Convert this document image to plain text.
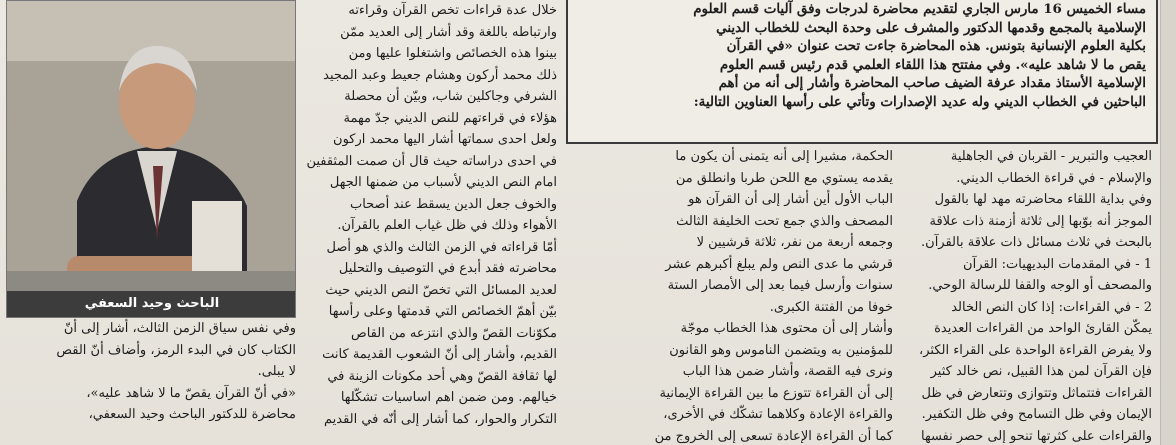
مساء الخميس 16 مارس الجاري لتقديم محاضرة لدرجات وفق آليات قسم العلوم

الإسلامية بالمجمع وقدمها الدكتور والمشرف على وحدة البحث للخطاب الديني

بكلية العلوم الإنسانية بتونس. هذه المحاضرة جاءت تحت عنوان «في القرآن

يقص ما لا شاهد عليه». وفي مفتتح هذا اللقاء العلمي قدم رئيس قسم العلوم

الإسلامية الأستاذ مقداد عرفة الضيف صاحب المحاضرة وأشار إلى أنه من أهم

الباحثين في الخطاب الديني وله عديد الإصدارات وتأتي على رأسها العناوين التالية:

العجيب والتبرير - القربان في الجاهلية

والإسلام - في قراءة الخطاب الديني.

وفي بداية اللقاء محاضرته مهد لها بالقول

الموجز أنه بوّبها إلى ثلاثة أزمنة ذات علاقة

بالبحث في ثلاث مسائل ذات علاقة بالقرآن.

1 - في المقدمات البديهيات: القرآن

والمصحف أو الوجه والقفا للرسالة الوحي.

2 - في القراءات: إذا كان النص الخالد

يمكّن القارئ الواحد من القراءات العديدة

ولا يفرض القراءة الواحدة على القراء الكثر،

فإن القرآن لمن هذا القبيل، نص خالد كثير

القراءات فتتماثل وتتوازى وتتعارض في ظل

الإيمان وفي ظل التسامح وفي ظل التكفير.

والقراءات على كثرتها تنحو إلى حصر نفسها

الحكمة، مشيرا إلى أنه يتمنى أن يكون ما

يقدمه يستوي مع اللحن طربا وانطلق من

الباب الأول أين أشار إلى أن القرآن هو

المصحف والذي جمع تحت الخليفة الثالث

وجمعه أربعة من نفر، ثلاثة قرشيين لا

قرشي ما عدى النص ولم يبلغ أكبرهم عشر

سنوات وأرسل فيما بعد إلى الأمصار الستة

خوفا من الفتنة الكبرى.

وأشار إلى أن محتوى هذا الخطاب موجّة

للمؤمنين به ويتضمن الناموس وهو القانون

ونرى فيه القصة، وأشار ضمن هذا الباب

إلى أن القراءة تتوزع ما بين القراءة الإيمانية

والقراءة الإعادة وكلاهما تشكّك في الأخرى،

كما أن القراءة الإعادة تسعى إلى الخروج من

خلال عدة قراءات تخص القرآن وقراءته

وارتباطه باللغة وقد أشار إلى العديد ممّن

بينوا هذه الخصائص واشتغلوا عليها ومن

ذلك محمد أركون وهشام جعيط وعبد المجيد

الشرفي وجاكلين شاب، وبيّن أن محصلة

هؤلاء في قراءتهم للنص الديني جدّ مهمة

ولعل احدى سماتها أشار اليها محمد اركون

في احدى دراساته حيث قال أن صمت المثقفين

امام النص الديني لأسباب من ضمنها الجهل

والخوف جعل الدين يسقط عند أصحاب

الأهواء وذلك في ظل غياب العلم بالقرآن.

أمّا قراءاته في الزمن الثالث والذي هو أصل

محاضرته فقد أبدع في التوصيف والتحليل

لعديد المسائل التي تخصّ النص الديني حيث

بيّن أهمّ الخصائص التي قدمتها وعلى رأسها

مكوّنات القصّ والذي انتزعه من القاص

القديم، وأشار إلى أنّ الشعوب القديمة كانت

لها ثقافة القصّ وهي أحد مكونات الزينة في

خيالهم. ومن ضمن اهم اساسيات تشكّلها

التكرار والحوار، كما أشار إلى أنّه في القديم

الباحث وحيد السعفي

وفي نفس سياق الزمن الثالث، أشار إلى أنّ

الكتاب كان في البدء الرمز، وأضاف أنّ القص

لا يبلى.

«في أنّ القرآن يقصّ ما لا شاهد عليه»،

محاضرة للدكتور الباحث وحيد السعفي،
